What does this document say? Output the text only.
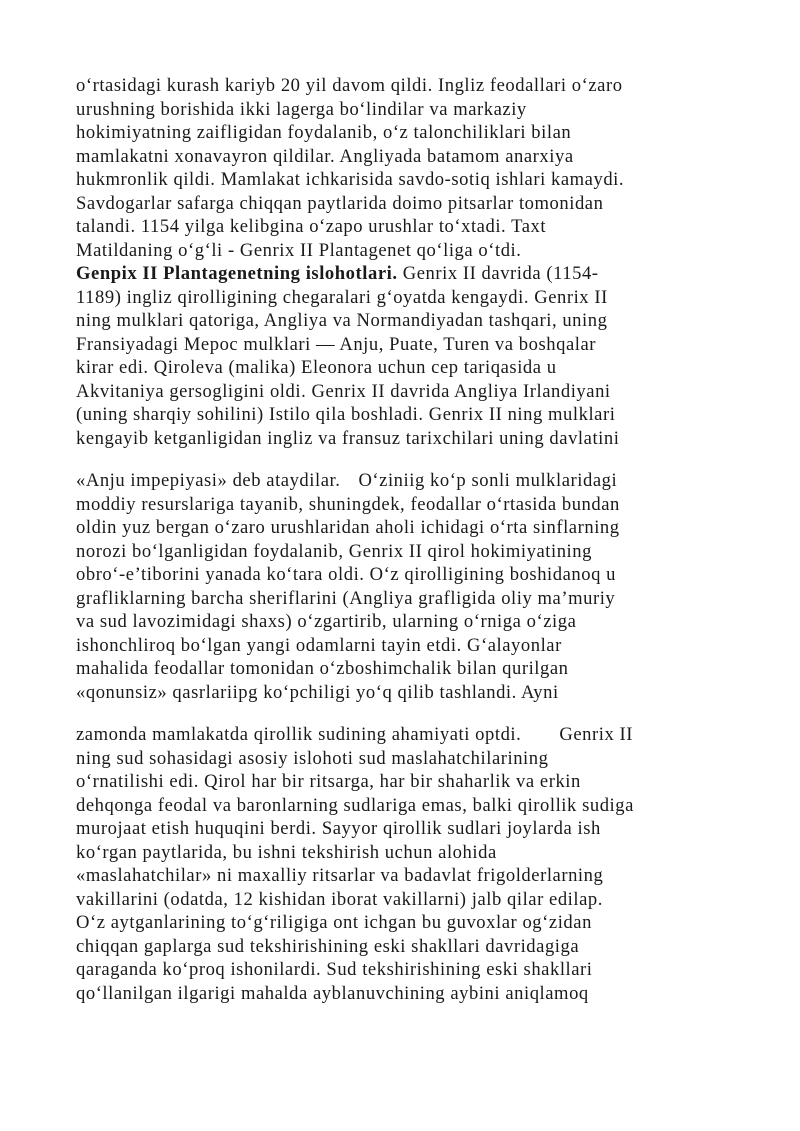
o‘rtasidagi kurash kariyb 20 yil davom qildi. Ingliz feodallari o‘zaro
urushning borishida ikki lagerga bo‘lindilar va markaziy
hokimiyatning zaifligidan foydalanib, o‘z talonchiliklari bilan
mamlakatni xonavayron qildilar. Angliyada batamom anarxiya
hukmronlik qildi. Mamlakat ichkarisida savdo-sotiq ishlari kamaydi.
Savdogarlar safarga chiqqan paytlarida doimo pitsarlar tomonidan
talandi. 1154 yilga kelibgina o‘zapo urushlar to‘xtadi. Taxt
Matildaning o‘g‘li - Genrix II Plantagenet qo‘liga o‘tdi.
Genpix II Plantagenetning islohotlari. Genrix II davrida (1154-
1189) ingliz qirolligining chegaralari g‘oyatda kengaydi. Genrix II
ning mulklari qatoriga, Angliya va Normandiyadan tashqari, uning
Fransiyadagi Mepoc mulklari — Anju, Puate, Turen va boshqalar
kirar edi. Qiroleva (malika) Eleonora uchun cep tariqasida u
Akvitaniya gersogligini oldi. Genrix II davrida Angliya Irlandiyani
(uning sharqiy sohilini) Istilo qila boshladi. Genrix II ning mulklari
kengayib ketganligidan ingliz va fransuz tarixchilari uning davlatini
«Anju impepiyasi» deb ataydilar. O‘ziniig ko‘p sonli mulklaridagi
moddiy resurslariga tayanib, shuningdek, feodallar o‘rtasida bundan
oldin yuz bergan o‘zaro urushlaridan aholi ichidagi o‘rta sinflarning
norozi bo‘lganligidan foydalanib, Genrix II qirol hokimiyatining
obro‘-e’tiborini yanada ko‘tara oldi. O‘z qirolligining boshidanoq u
grafliklarning barcha sheriflarini (Angliya grafligida oliy ma’muriy
va sud lavozimidagi shaxs) o‘zgartirib, ularning o‘rniga o‘ziga
ishonchliroq bo‘lgan yangi odamlarni tayin etdi. G‘alayonlar
mahalida feodallar tomonidan o‘zboshimchalik bilan qurilgan
«qonunsiz» qasrlariipg ko‘pchiligi yo‘q qilib tashlandi. Ayni
zamonda mamlakatda qirollik sudining ahamiyati optdi. Genrix II
ning sud sohasidagi asosiy islohoti sud maslahatchilarining
o‘rnatilishi edi. Qirol har bir ritsarga, har bir shaharlik va erkin
dehqonga feodal va baronlarning sudlariga emas, balki qirollik sudiga
murojaat etish huquqini berdi. Sayyor qirollik sudlari joylarda ish
ko‘rgan paytlarida, bu ishni tekshirish uchun alohida
«maslahatchilar» ni maxalliy ritsarlar va badavlat frigolderlarning
vakillarini (odatda, 12 kishidan iborat vakillarni) jalb qilar edilap.
O‘z aytganlarining to‘g‘riligiga ont ichgan bu guvoxlar og‘zidan
chiqqan gaplarga sud tekshirishining eski shakllari davridagiga
qaraganda ko‘proq ishonilardi. Sud tekshirishining eski shakllari
qo‘llanilgan ilgarigi mahalda ayblanuvchining aybini aniqlamoq
